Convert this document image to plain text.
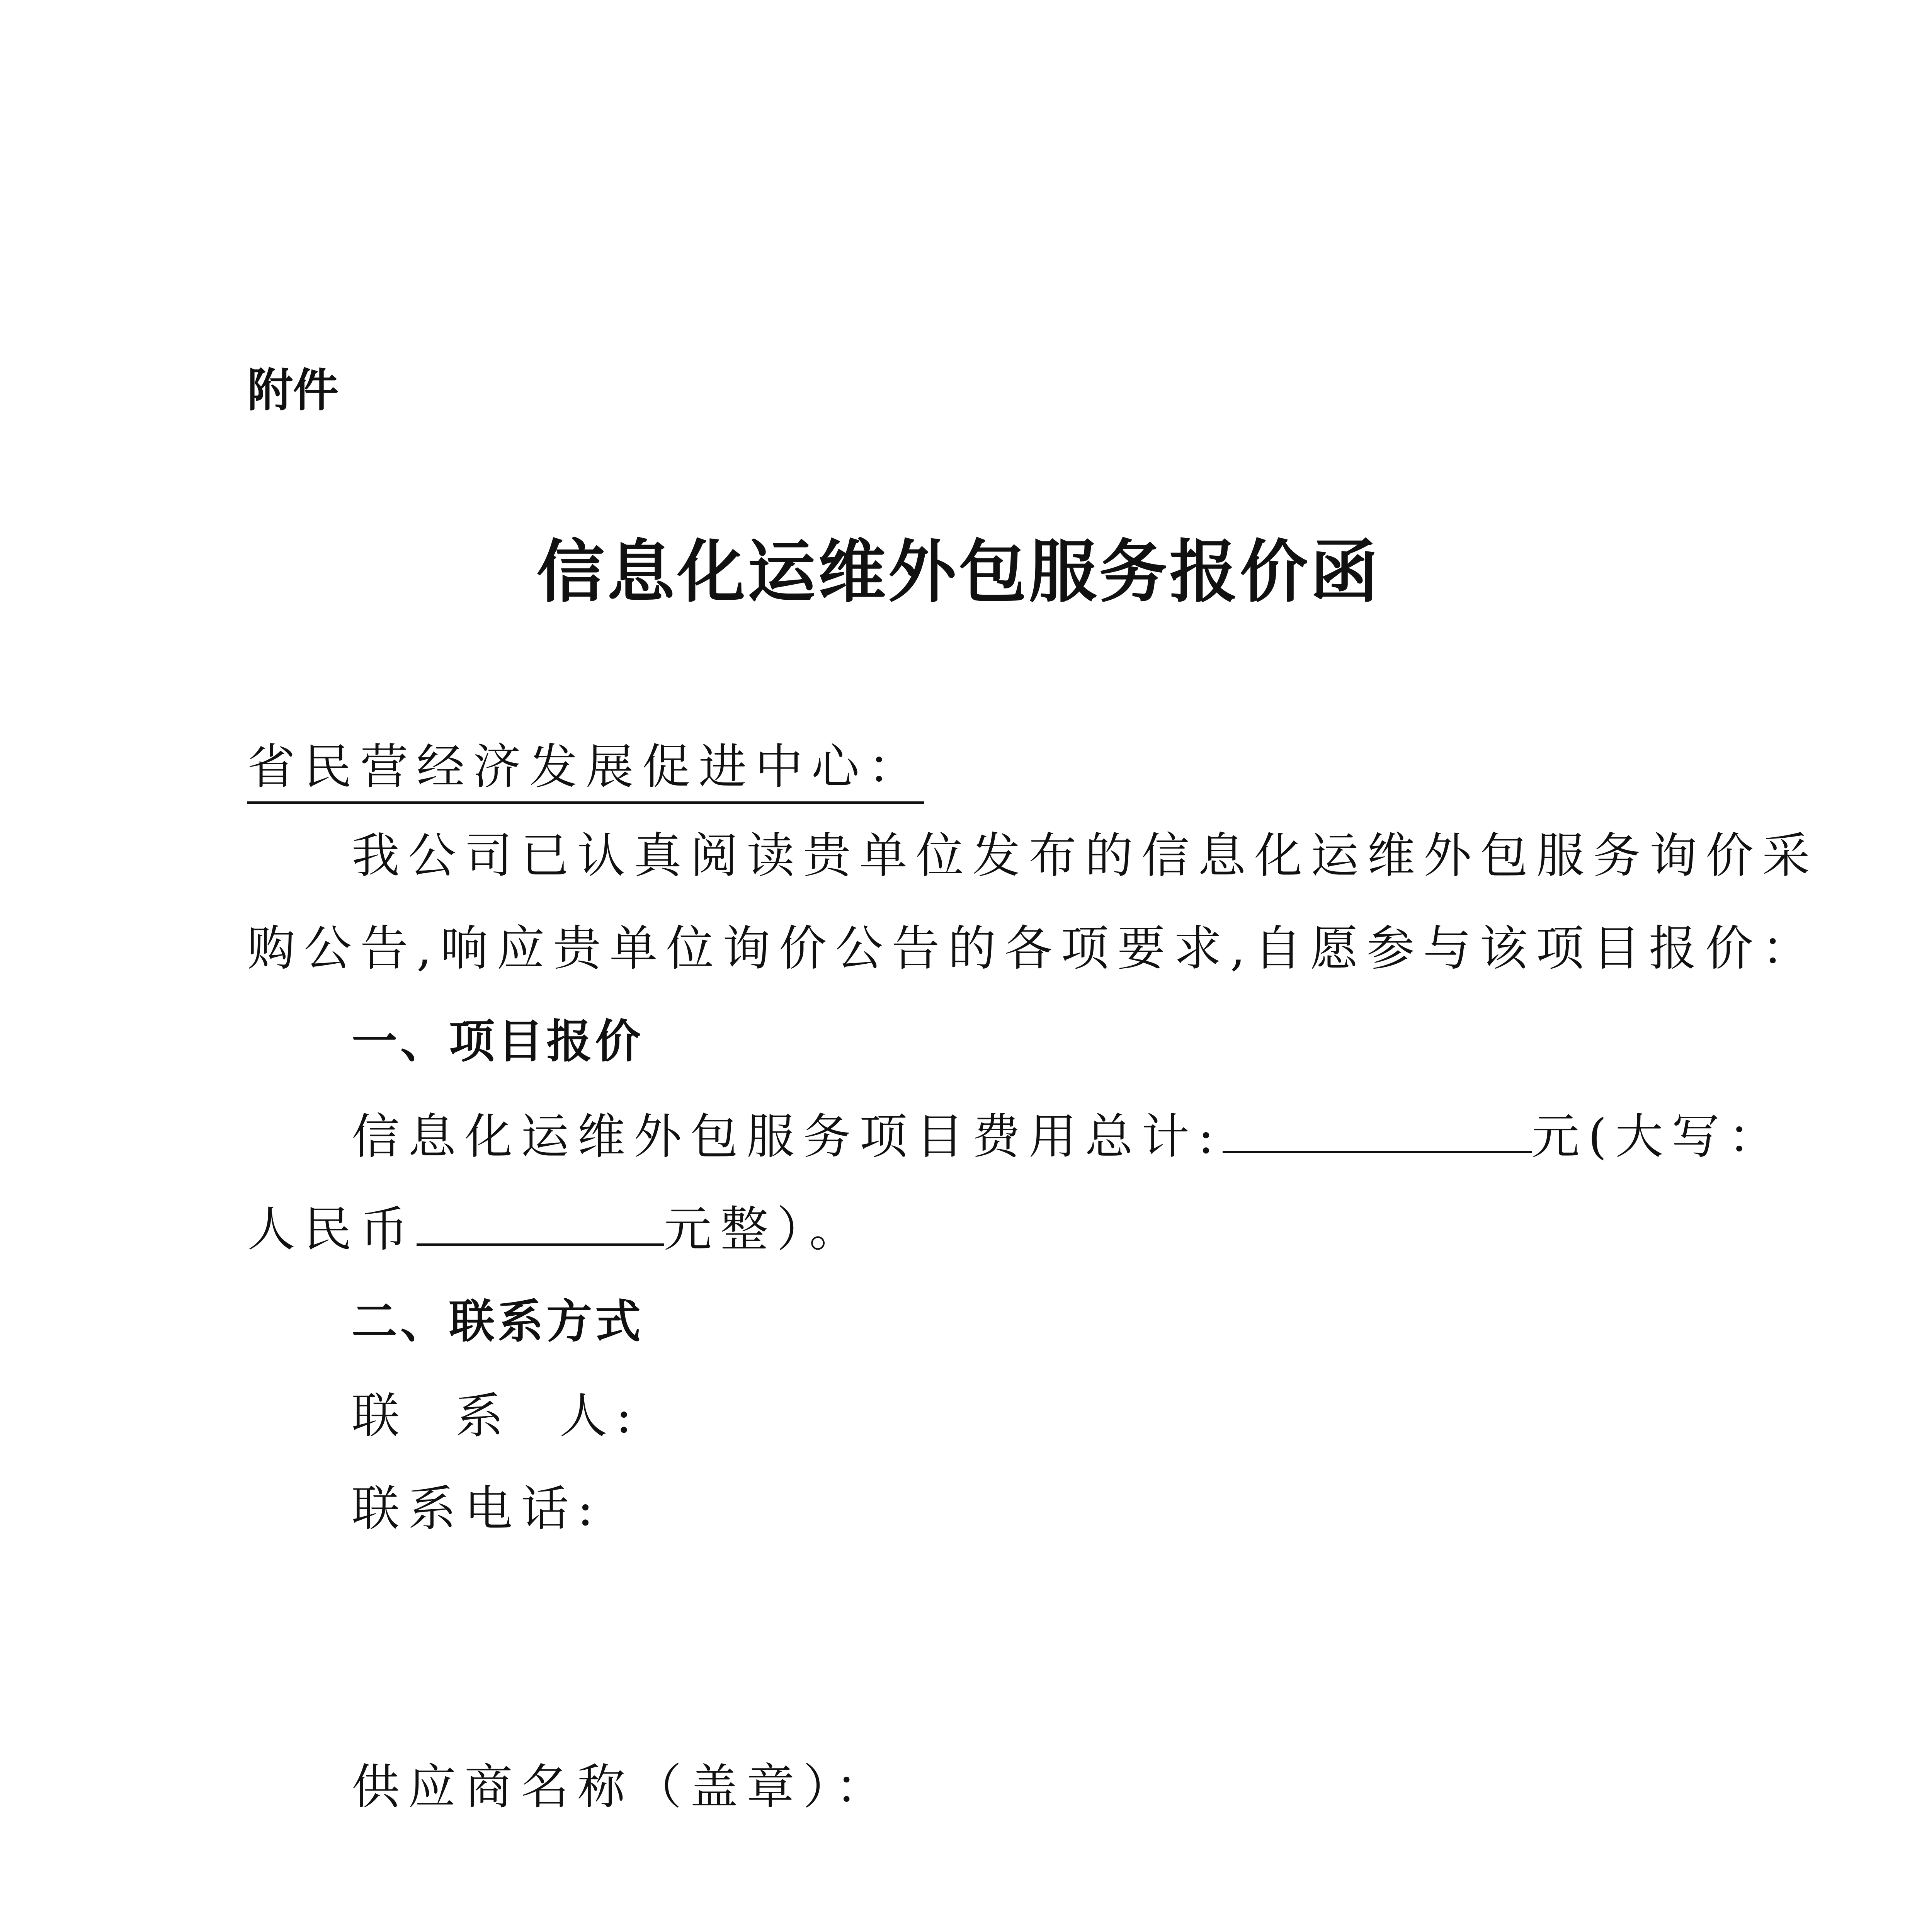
附件
信息化运维外包服务报价函
省民营经济发展促进中心：
我公司已认真阅读贵单位发布的信息化运维外包服务询价采
购公告,响应贵单位询价公告的各项要求,自愿参与该项目报价：
一、项目报价
信息化运维外包服务项目费用总计:	元(大写：
人民币	元整）。
二、联系方式
联  系  人:
联系电话:
供应商名称（盖章）：
